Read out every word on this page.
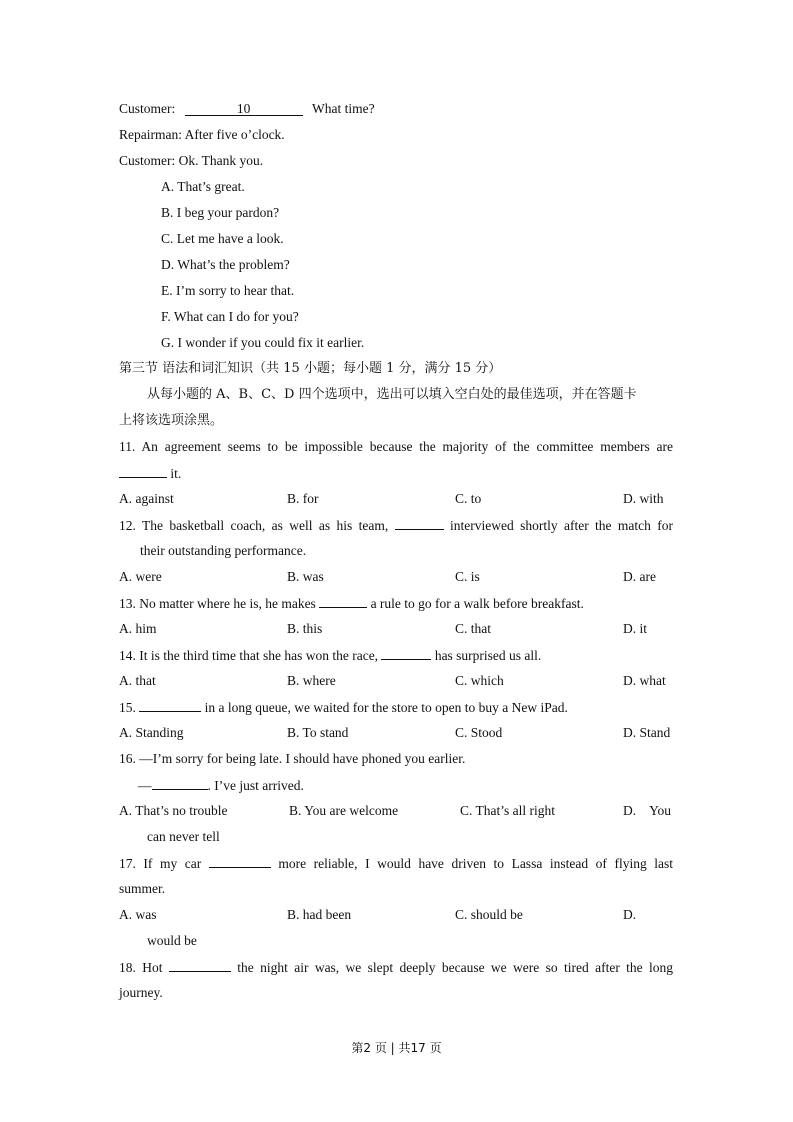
Customer:	10	What time?
Repairman: After five o’clock.
Customer: Ok. Thank you.
A. That’s great.
B. I beg your pardon?
C. Let me have a look.
D. What’s the problem?
E. I’m sorry to hear that.
F. What can I do for you?
G. I wonder if you could fix it earlier.
第三节 语法和词汇知识（共 15 小题；每小题 1 分，满分 15 分）
从每小题的 A、B、C、D 四个选项中，选出可以填入空白处的最佳选项，并在答题卡
上将该选项涂黑。
11. An agreement seems to be impossible because the majority of the committee members are
it.
A. against	B. for	C. to	D. with
12. The basketball coach, as well as his team,	interviewed shortly after the match for
their outstanding performance.
A. were	B. was	C. is	D. are
13. No matter where he is, he makes	a rule to go for a walk before breakfast.
A. him	B. this	C. that	D. it
14. It is the third time that she has won the race,	has surprised us all.
A. that	B. where	C. which	D. what
15.	in a long queue, we waited for the store to open to buy a New iPad.
A. Standing	B. To stand	C. Stood	D. Stand
16. —I’m sorry for being late. I should have phoned you earlier.
—	. I’ve just arrived.
A. That’s no trouble	B. You are welcome	C. That’s all right	D.    You
can never tell
17. If my car	more reliable, I would have driven to Lassa instead of flying last
summer.
A. was	B. had been	C. should be	D.
would be
18. Hot	the night air was, we slept deeply because we were so tired after the long
journey.
第2 页 | 共17 页
